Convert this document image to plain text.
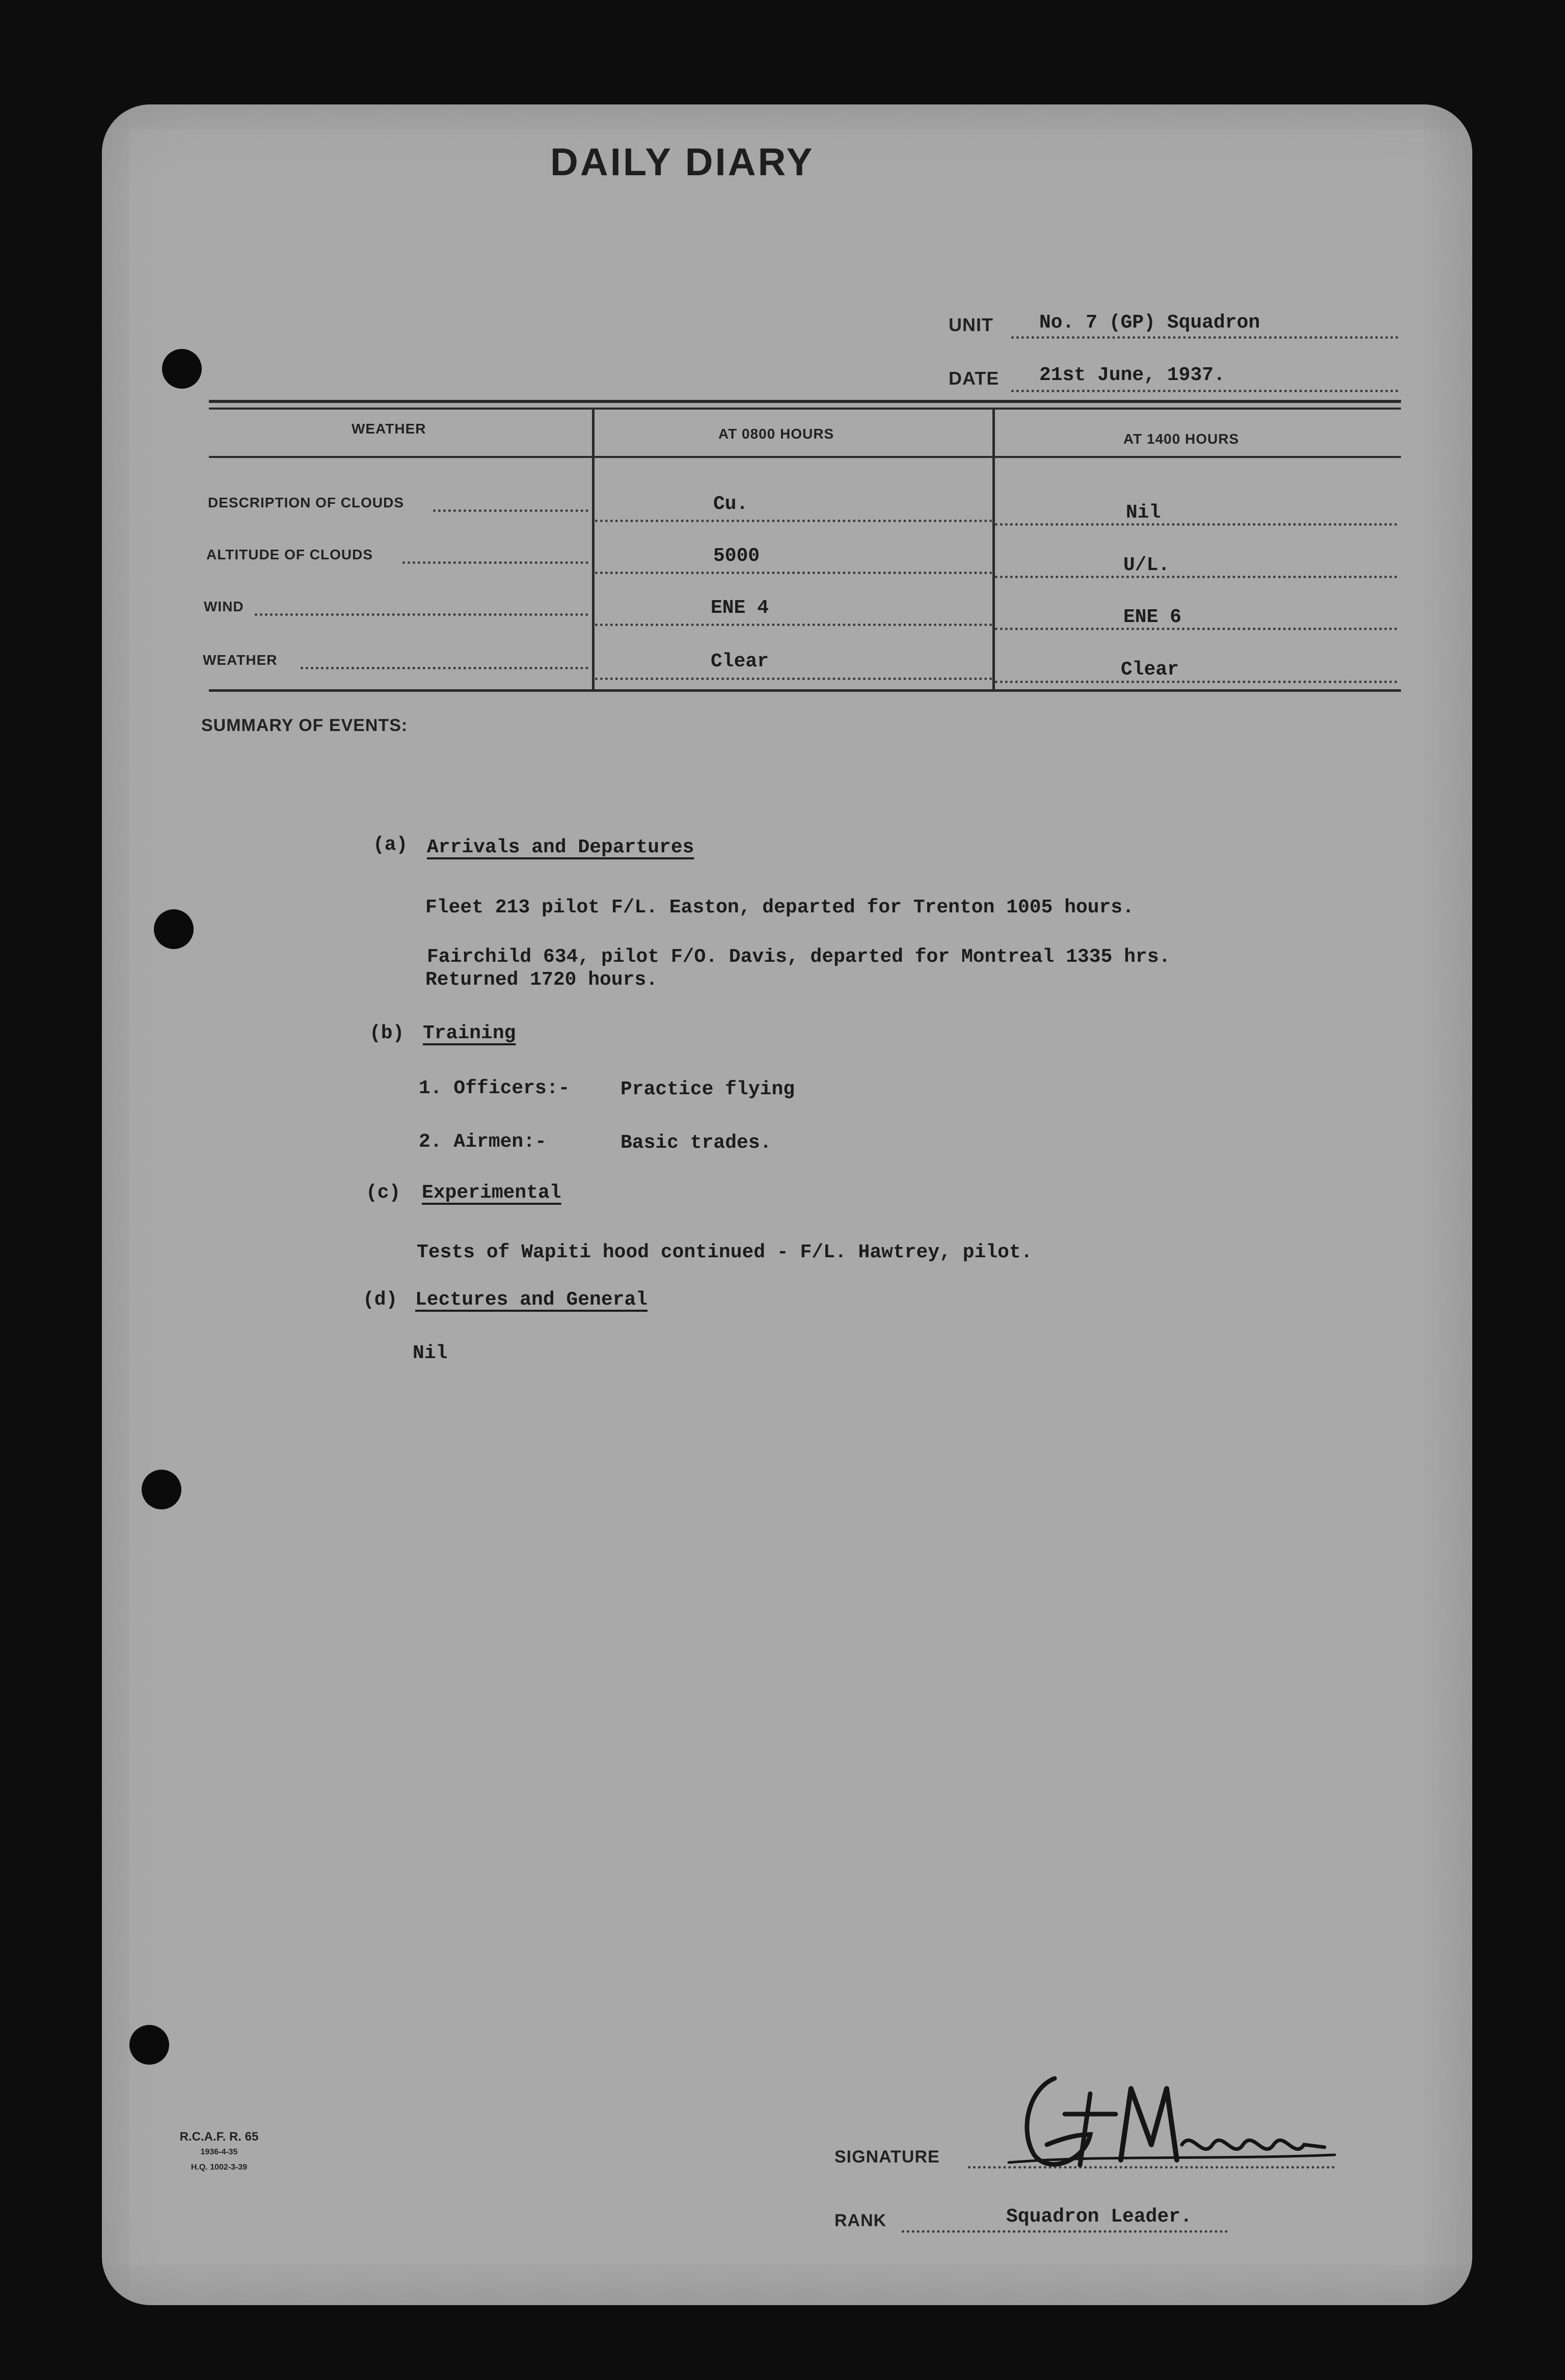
DAILY DIARY
UNIT No. 7 (GP) Squadron
DATE 21st June, 1937.
WEATHER	AT 0800 HOURS	AT 1400 HOURS
DESCRIPTION OF CLOUDS	Cu.	Nil
ALTITUDE OF CLOUDS	5000	U/L.
WIND	ENE 4	ENE 6
WEATHER	Clear	Clear
SUMMARY OF EVENTS:
(a) Arrivals and Departures
Fleet 213 pilot F/L. Easton, departed for Trenton 1005 hours.
Fairchild 634, pilot F/O. Davis, departed for Montreal 1335 hrs.
Returned 1720 hours.
(b) Training
1. Officers:-	Practice flying
2. Airmen:-	Basic trades.
(c) Experimental
Tests of Wapiti hood continued - F/L. Hawtrey, pilot.
(d) Lectures and General
Nil
R.C.A.F. R. 65
1936-4-35
H.Q. 1002-3-39
SIGNATURE
RANK	Squadron Leader.
